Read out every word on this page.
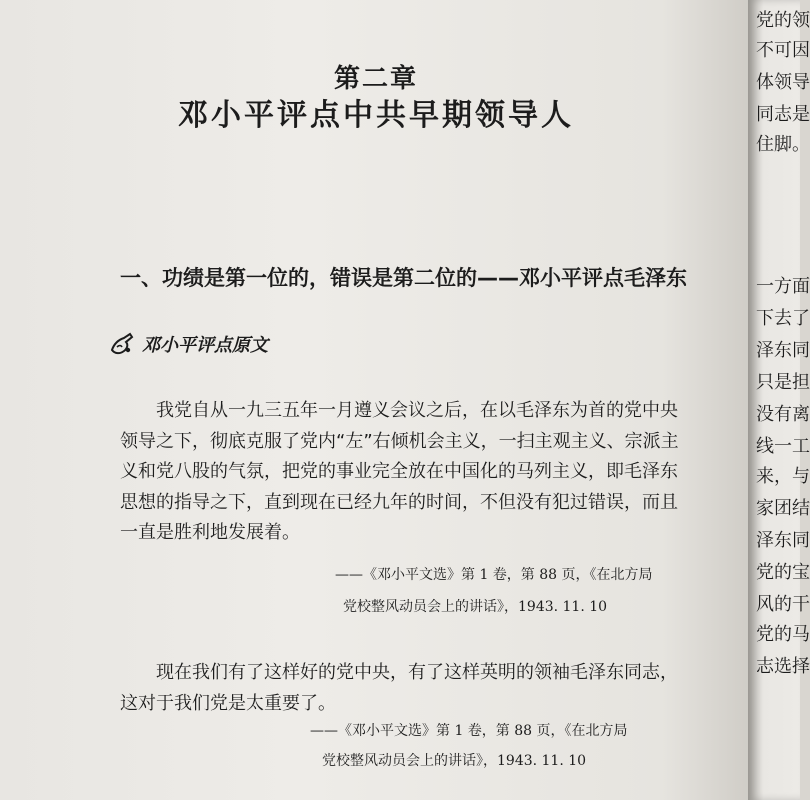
第二章
邓小平评点中共早期领导人
一、功绩是第一位的，错误是第二位的——邓小平评点毛泽东
邓小平评点原文

我党自从一九三五年一月遵义会议之后，在以毛泽东为首的党中央领导之下，彻底克服了党内“左”右倾机会主义，一扫主观主义、宗派主义和党八股的气氛，把党的事业完全放在中国化的马列主义，即毛泽东思想的指导之下，直到现在已经九年的时间，不但没有犯过错误，而且一直是胜利地发展着。

——《邓小平文选》第 1 卷，第 88 页，《在北方局

党校整风动员会上的讲话》，1943. 11. 10

现在我们有了这样好的党中央，有了这样英明的领袖毛泽东同志，这对于我们党是太重要了。

——《邓小平文选》第 1 卷，第 88 页，《在北方局

党校整风动员会上的讲话》，1943. 11. 10

党的领
不可因
体领导
同志是
住脚。
一方面
下去了
泽东同
只是担
没有离
线一工
来，与
家团结
泽东同
党的宝
风的干
党的马
志选择
